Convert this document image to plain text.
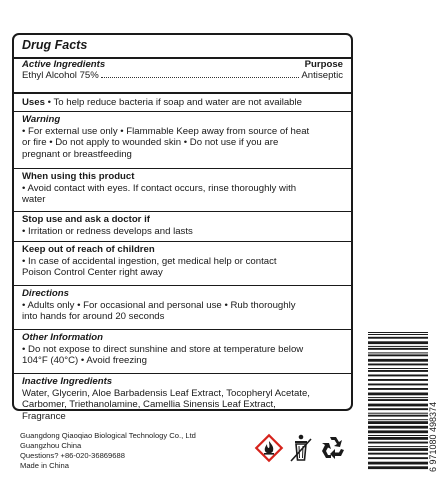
Drug Facts
Active Ingredients	Purpose
Ethyl Alcohol 75%	Antiseptic
Uses • To help reduce bacteria if soap and water are not available
Warning
• For external use only • Flammable Keep away from source of heat
or fire • Do not apply to wounded skin • Do not use if you are
pregnant or breastfeeding
When using this product
• Avoid contact with eyes. If contact occurs, rinse thoroughly with
water
Stop use and ask a doctor if
• Irritation or redness develops and lasts
Keep out of reach of children
• In case of accidental ingestion, get medical help or contact
Poison Control Center right away
Directions
• Adults only • For occasional and personal use • Rub thoroughly
into hands for around 20 seconds
Other Information
• Do not expose to direct sunshine and store at temperature below
104°F (40°C) • Avoid freezing
Inactive Ingredients
Water, Glycerin, Aloe Barbadensis Leaf Extract, Tocopheryl Acetate,
Carbomer, Triethanolamine, Camellia Sinensis Leaf Extract,
Fragrance
Guangdong Qiaoqiao Biological Technology Co., Ltd
Guangzhou China
Questions? +86-020-36869688
Made in China	6 971080 498374
